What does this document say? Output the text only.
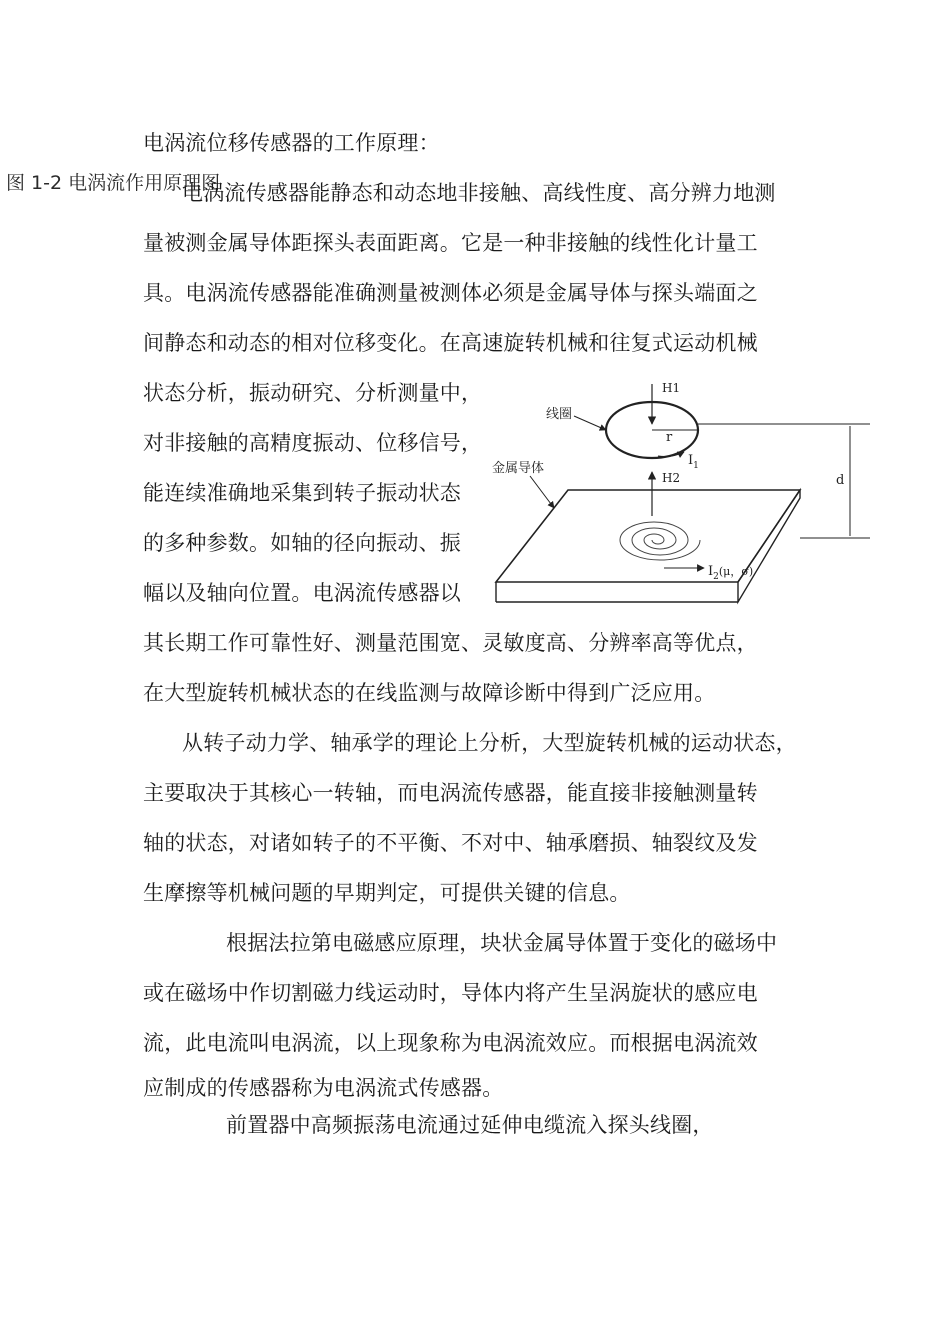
电涡流位移传感器的工作原理：
图 1-2 电涡流作用原理图
电涡流传感器能静态和动态地非接触、高线性度、高分辨力地测
量被测金属导体距探头表面距离。它是一种非接触的线性化计量工
具。电涡流传感器能准确测量被测体必须是金属导体与探头端面之
间静态和动态的相对位移变化。在高速旋转机械和往复式运动机械
状态分析，振动研究、分析测量中，
对非接触的高精度振动、位移信号，
能连续准确地采集到转子振动状态
的多种参数。如轴的径向振动、振
幅以及轴向位置。电涡流传感器以
其长期工作可靠性好、测量范围宽、灵敏度高、分辨率高等优点，
在大型旋转机械状态的在线监测与故障诊断中得到广泛应用。
从转子动力学、轴承学的理论上分析，大型旋转机械的运动状态，
主要取决于其核心一转轴，而电涡流传感器，能直接非接触测量转
轴的状态，对诸如转子的不平衡、不对中、轴承磨损、轴裂纹及发
生摩擦等机械问题的早期判定，可提供关键的信息。
根据法拉第电磁感应原理，块状金属导体置于变化的磁场中
或在磁场中作切割磁力线运动时，导体内将产生呈涡旋状的感应电
流，此电流叫电涡流，以上现象称为电涡流效应。而根据电涡流效
应制成的传感器称为电涡流式传感器。
前置器中高频振荡电流通过延伸电缆流入探头线圈，
H1
r
$I_1$
线圈
H2
金属导体
$I_2^{(\mu,\sigma)}$
d
